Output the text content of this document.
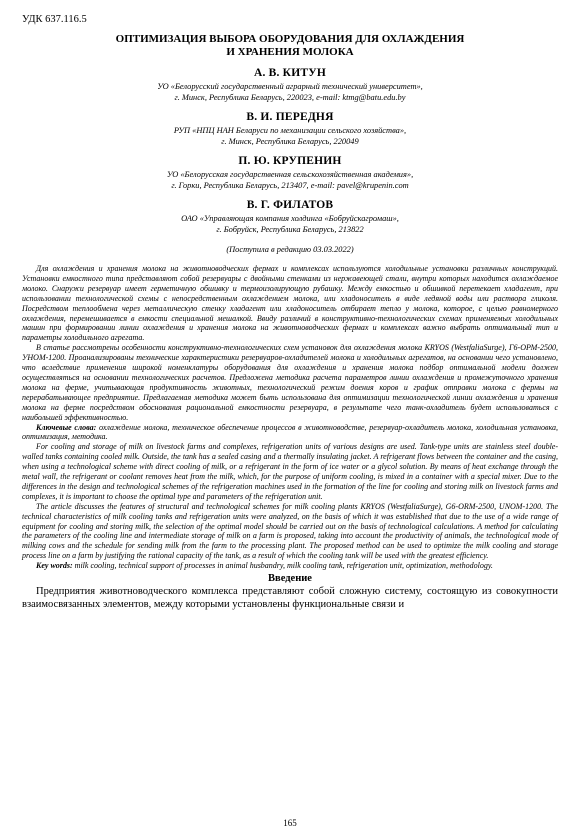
УДК 637.116.5
ОПТИМИЗАЦИЯ ВЫБОРА ОБОРУДОВАНИЯ ДЛЯ ОХЛАЖДЕНИЯ
И ХРАНЕНИЯ МОЛОКА
А. В. КИТУН
УО «Белорусский государственный аграрный технический университет»,
г. Минск, Республика Беларусь, 220023, e-mail: ktmg@batu.edu.by
В. И. ПЕРЕДНЯ
РУП «НПЦ НАН Беларуси по механизации сельского хозяйства»,
г. Минск, Республика Беларусь, 220049
П. Ю. КРУПЕНИН
УО «Белорусская государственная сельскохозяйственная академия»,
г. Горки, Республика Беларусь, 213407, e-mail: pavel@krupenin.com
В. Г. ФИЛАТОВ
ОАО «Управляющая компания холдинга «Бобруйскагромаш»,
г. Бобруйск, Республика Беларусь, 213822
(Поступила в редакцию 03.03.2022)

Для охлаждения и хранения молока на животноводческих фермах и комплексах используются холодильные установки различных конструкций. Установки емкостного типа представляют собой резервуары с двойными стенками из нержавеющей стали, внутри которых находится охлаждаемое молоко. Снаружи резервуар имеет герметичную обшивку и термоизолирующую рубашку. Между емкостью и обшивкой перетекает хладагент, при использовании технологической схемы с непосредственным охлаждением молока, или хладоноситель в виде ледяной воды или раствора гликоля. Посредством теплообмена через металлическую стенку хладагент или хладоноситель отбирает тепло у молока, которое, с целью равномерного охлаждения, перемешивается в емкости специальной мешалкой. Ввиду различий в конструктивно-технологических схемах применяемых холодильных машин при формировании линии охлаждения и хранения молока на животноводческих фермах и комплексах важно выбрать оптимальный тип и параметры холодильного агрегата.

В статье рассмотрены особенности конструктивно-технологических схем установок для охлаждения молока KRYOS (WestfaliaSurge), Г6-ОРМ-2500, УНОМ-1200. Проанализированы технические характеристики резервуаров-охладителей молока и холодильных агрегатов, на основании чего установлено, что вследствие применения широкой номенклатуры оборудования для охлаждения и хранения молока подбор оптимальной модели должен осуществляться на основании технологических расчетов. Предложена методика расчета параметров линии охлаждения и промежуточного хранения молока на ферме, учитывающая продуктивность животных, технологический режим доения коров и график отправки молока с фермы на перерабатывающее предприятие. Предлагаемая методика может быть использована для оптимизации технологической линии охлаждения и хранения молока на ферме посредством обоснования рациональной емкостности резервуара, в результате чего танк-охладитель будет использоваться с наибольшей эффективностью.

Ключевые слова: охлаждение молока, техническое обеспечение процессов в животноводстве, резервуар-охладитель молока, холодильная установка, оптимизация, методика.

For cooling and storage of milk on livestock farms and complexes, refrigeration units of various designs are used. Tank-type units are stainless steel double-walled tanks containing cooled milk. Outside, the tank has a sealed casing and a thermally insulating jacket. A refrigerant flows between the container and the casing, when using a technological scheme with direct cooling of milk, or a refrigerant in the form of ice water or a glycol solution. By means of heat exchange through the metal wall, the refrigerant or coolant removes heat from the milk, which, for the purpose of uniform cooling, is mixed in a container with a special mixer. Due to the differences in the design and technological schemes of the refrigeration machines used in the formation of the line for cooling and storing milk on livestock farms and complexes, it is important to choose the optimal type and parameters of the refrigeration unit.

The article discusses the features of structural and technological schemes for milk cooling plants KRYOS (WestfaliaSurge), G6-ORM-2500, UNOM-1200. The technical characteristics of milk cooling tanks and refrigeration units were analyzed, on the basis of which it was established that due to the use of a wide range of equipment for cooling and storing milk, the selection of the optimal model should be carried out on the basis of technological calculations. A method for calculating the parameters of the cooling line and intermediate storage of milk on a farm is proposed, taking into account the productivity of animals, the technological mode of milking cows and the schedule for sending milk from the farm to the processing plant. The proposed method can be used to optimize the milk cooling and storage process line on a farm by justifying the rational capacity of the tank, as a result of which the cooling tank will be used with the greatest efficiency.

Key words: milk cooling, technical support of processes in animal husbandry, milk cooling tank, refrigeration unit, optimization, methodology.

Введение

Предприятия животноводческого комплекса представляют собой сложную систему, состоящую из совокупности взаимосвязанных элементов, между которыми установлены функциональные связи и

165
